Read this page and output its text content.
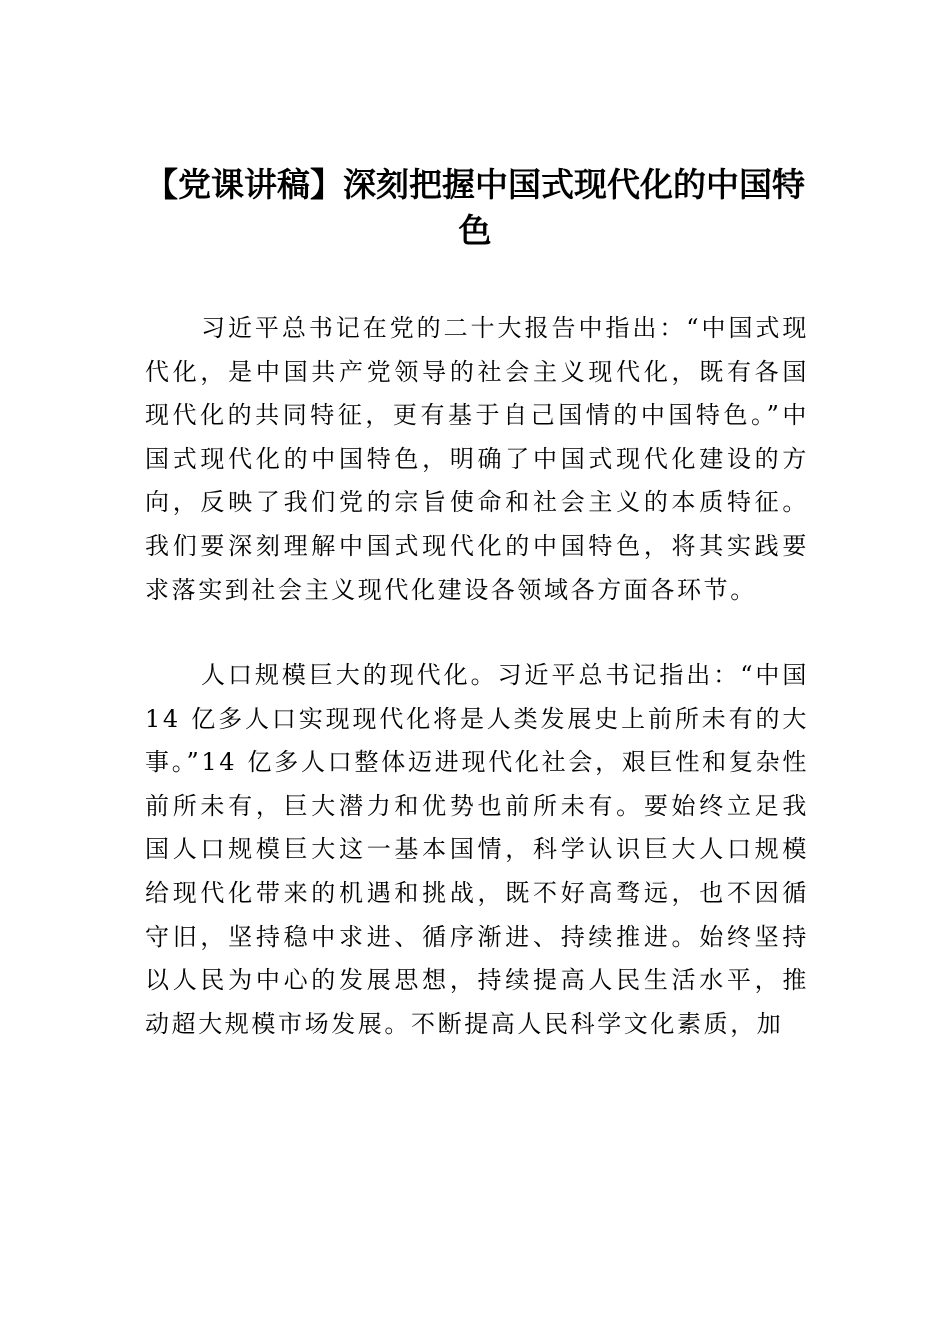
【党课讲稿】深刻把握中国式现代化的中国特色

习近平总书记在党的二十大报告中指出：“中国式现代化，是中国共产党领导的社会主义现代化，既有各国现代化的共同特征，更有基于自己国情的中国特色。”中国式现代化的中国特色，明确了中国式现代化建设的方向，反映了我们党的宗旨使命和社会主义的本质特征。我们要深刻理解中国式现代化的中国特色，将其实践要求落实到社会主义现代化建设各领域各方面各环节。

人口规模巨大的现代化。习近平总书记指出：“中国14 亿多人口实现现代化将是人类发展史上前所未有的大事。”14 亿多人口整体迈进现代化社会，艰巨性和复杂性前所未有，巨大潜力和优势也前所未有。要始终立足我国人口规模巨大这一基本国情，科学认识巨大人口规模给现代化带来的机遇和挑战，既不好高骛远，也不因循守旧，坚持稳中求进、循序渐进、持续推进。始终坚持以人民为中心的发展思想，持续提高人民生活水平，推动超大规模市场发展。不断提高人民科学文化素质，加
